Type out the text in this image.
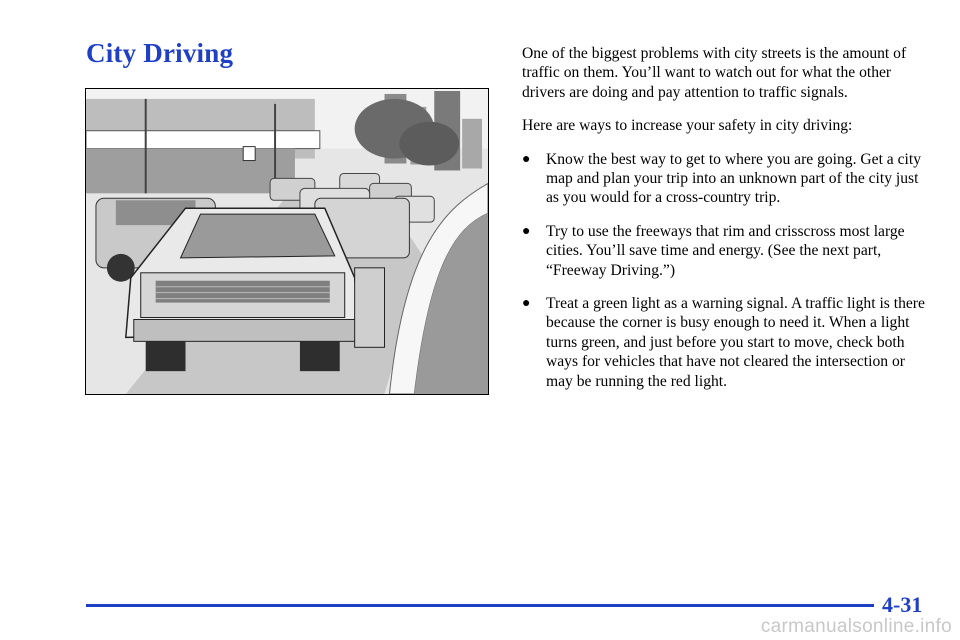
City Driving	One of the biggest problems with city streets is the amount of traffic on them. You’ll want to watch out for what the other drivers are doing and pay attention to traffic signals.

Here are ways to increase your safety in city driving:

● Know the best way to get to where you are going. Get a city map and plan your trip into an unknown part of the city just as you would for a cross-country trip.
● Try to use the freeways that rim and crisscross most large cities. You’ll save time and energy. (See the next part, “Freeway Driving.”)
● Treat a green light as a warning signal. A traffic light is there because the corner is busy enough to need it. When a light turns green, and just before you start to move, check both ways for vehicles that have not cleared the intersection or may be running the red light.
4-31
carmanualsonline.info
